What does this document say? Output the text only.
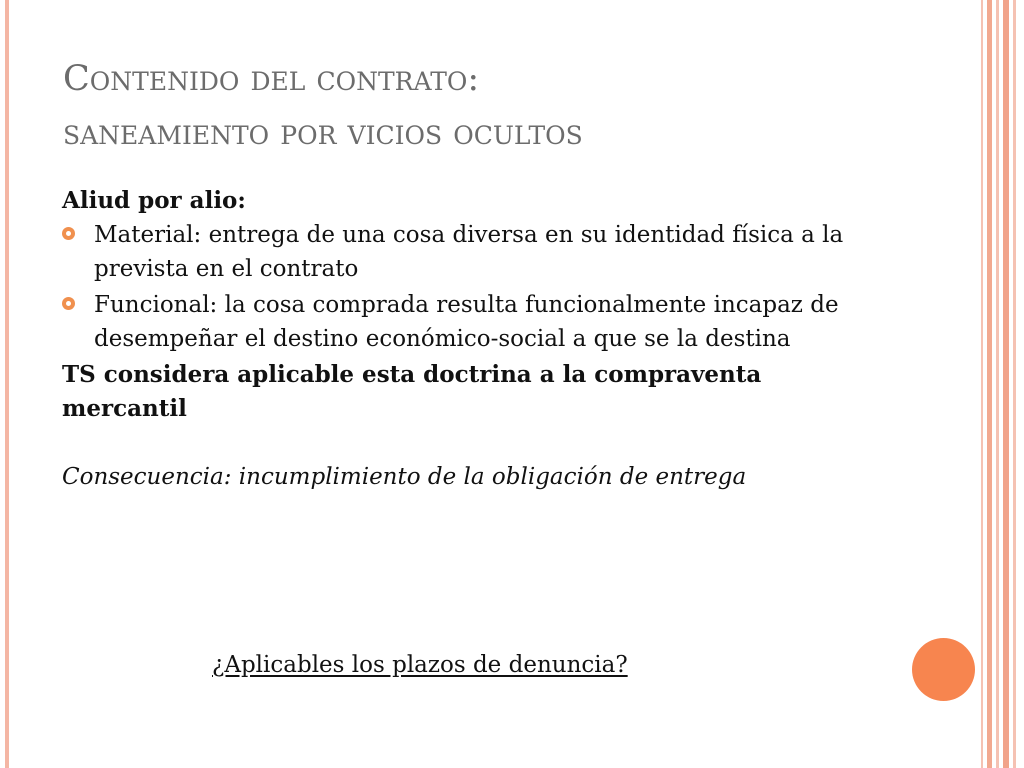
Contenido del contrato:
saneamiento por vicios ocultos

Aliud por alio:

Material: entrega de una cosa diversa en su identidad física a la prevista en el contrato
Funcional: la cosa comprada resulta funcionalmente incapaz de desempeñar el destino económico-social a que se la destina

TS considera aplicable esta doctrina a la compraventa mercantil

Consecuencia: incumplimiento de la obligación de entrega

¿Aplicables los plazos de denuncia?
